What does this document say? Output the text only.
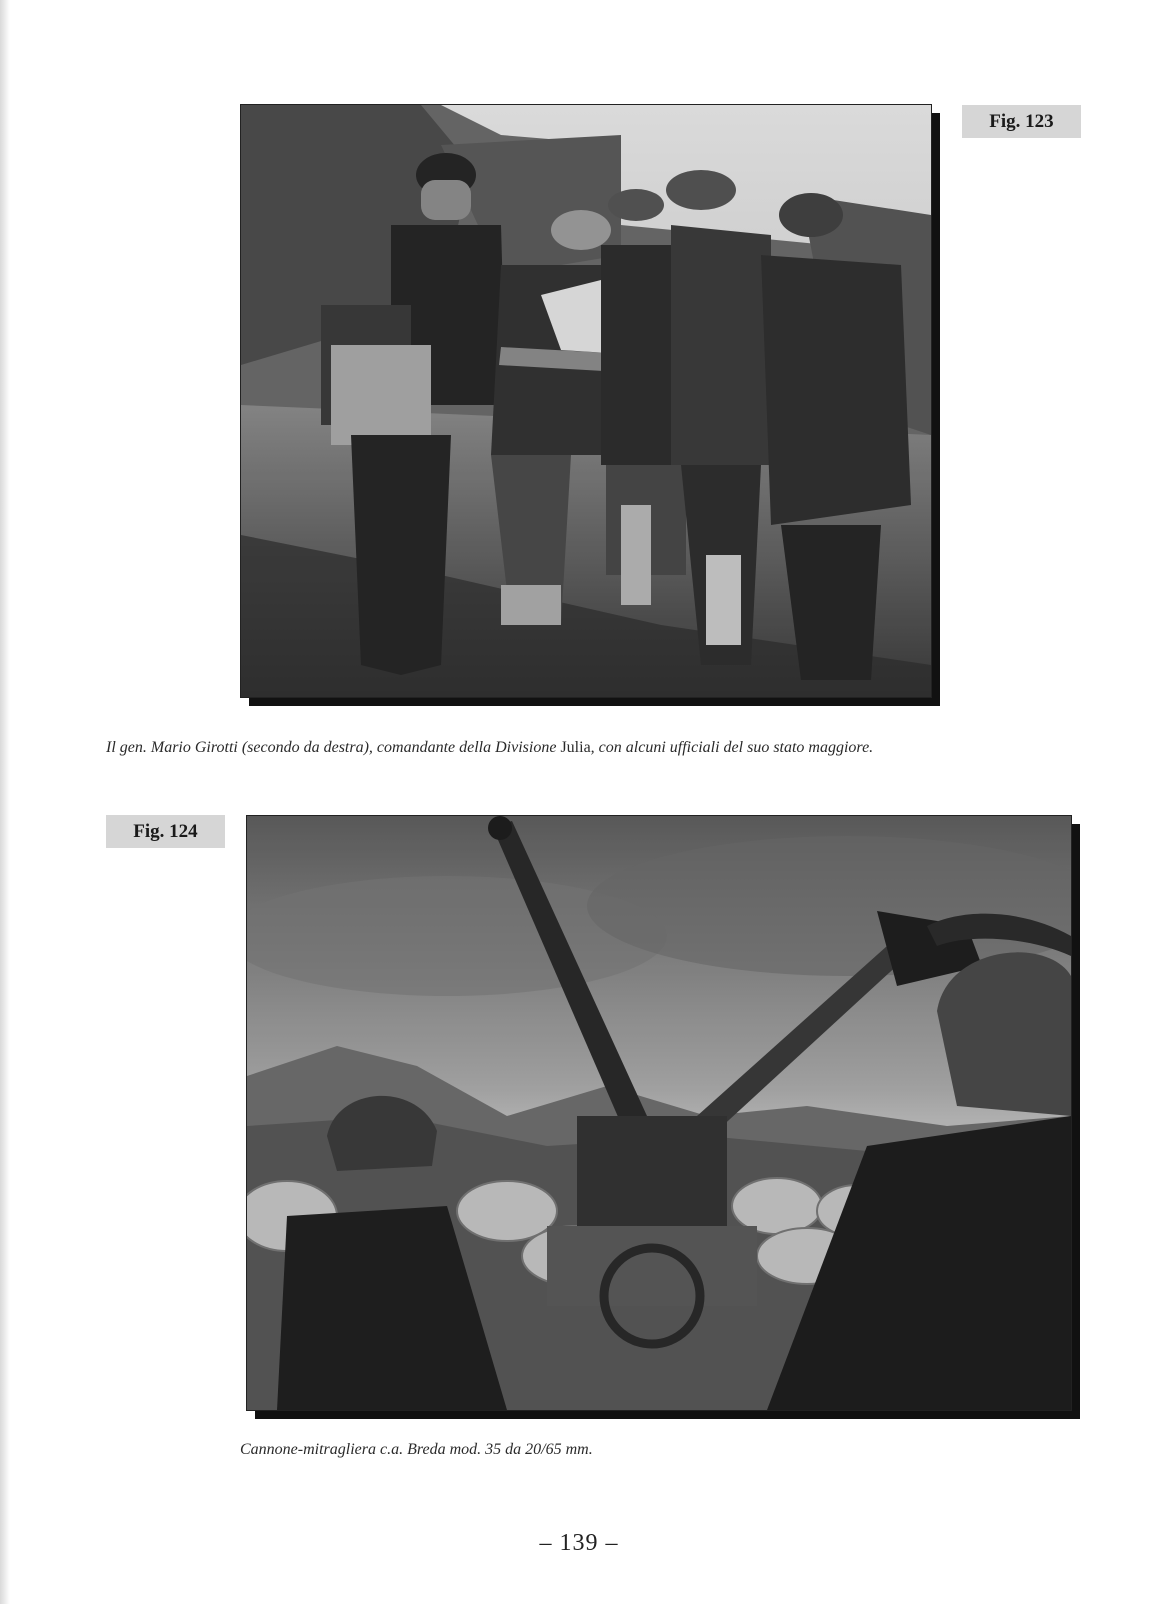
Fig. 123
Il gen. Mario Girotti (secondo da destra), comandante della Divisione Julia, con alcuni ufficiali del suo stato maggiore.
Fig. 124
Cannone-mitragliera c.a. Breda mod. 35 da 20/65 mm.
– 139 –
